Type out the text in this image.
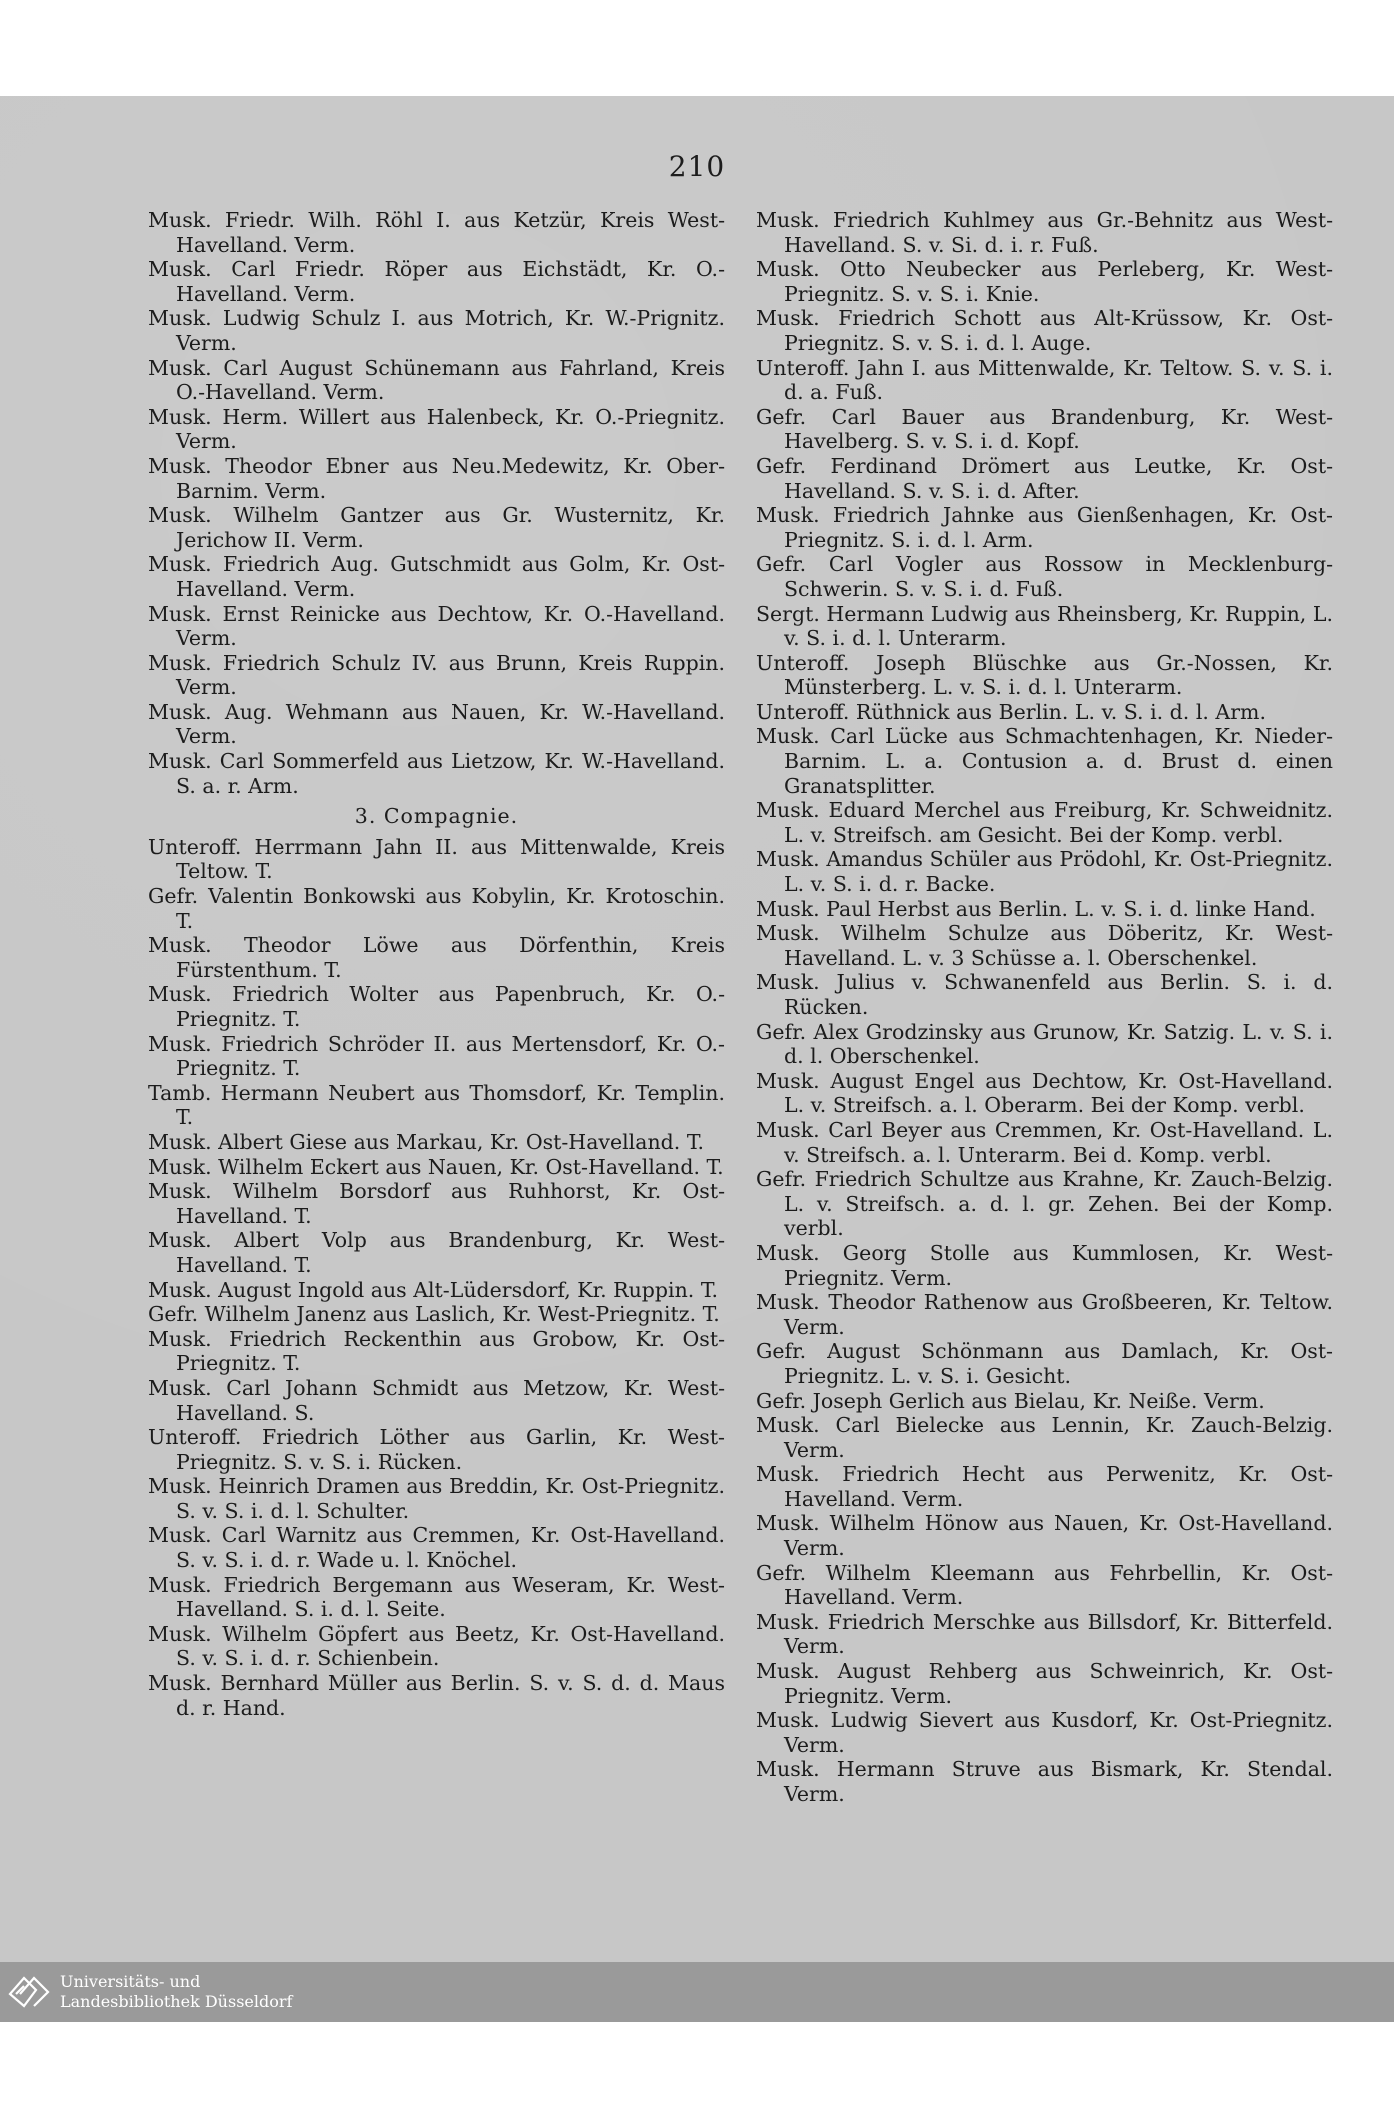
210

Musk. Friedr. Wilh. Röhl I. aus Ketzür, Kreis West-Havelland. Verm.

Musk. Carl Friedr. Röper aus Eichstädt, Kr. O.-Havelland. Verm.

Musk. Ludwig Schulz I. aus Motrich, Kr. W.-Prignitz. Verm.

Musk. Carl August Schünemann aus Fahrland, Kreis O.-Havelland. Verm.

Musk. Herm. Willert aus Halenbeck, Kr. O.-Priegnitz. Verm.

Musk. Theodor Ebner aus Neu.Medewitz, Kr. Ober-Barnim. Verm.

Musk. Wilhelm Gantzer aus Gr. Wusternitz, Kr. Jerichow II. Verm.

Musk. Friedrich Aug. Gutschmidt aus Golm, Kr. Ost-Havelland. Verm.

Musk. Ernst Reinicke aus Dechtow, Kr. O.-Havelland. Verm.

Musk. Friedrich Schulz IV. aus Brunn, Kreis Ruppin. Verm.

Musk. Aug. Wehmann aus Nauen, Kr. W.-Havelland. Verm.

Musk. Carl Sommerfeld aus Lietzow, Kr. W.-Havelland. S. a. r. Arm.

3. Compagnie.

Unteroff. Herrmann Jahn II. aus Mittenwalde, Kreis Teltow. T.

Gefr. Valentin Bonkowski aus Kobylin, Kr. Krotoschin. T.

Musk. Theodor Löwe aus Dörfenthin, Kreis Fürstenthum. T.

Musk. Friedrich Wolter aus Papenbruch, Kr. O.-Priegnitz. T.

Musk. Friedrich Schröder II. aus Mertensdorf, Kr. O.-Priegnitz. T.

Tamb. Hermann Neubert aus Thomsdorf, Kr. Templin. T.

Musk. Albert Giese aus Markau, Kr. Ost-Havelland. T.

Musk. Wilhelm Eckert aus Nauen, Kr. Ost-Havelland. T.

Musk. Wilhelm Borsdorf aus Ruhhorst, Kr. Ost-Havelland. T.

Musk. Albert Volp aus Brandenburg, Kr. West-Havelland. T.

Musk. August Ingold aus Alt-Lüdersdorf, Kr. Ruppin. T.

Gefr. Wilhelm Janenz aus Laslich, Kr. West-Priegnitz. T.

Musk. Friedrich Reckenthin aus Grobow, Kr. Ost-Priegnitz. T.

Musk. Carl Johann Schmidt aus Metzow, Kr. West-Havelland. S.

Unteroff. Friedrich Löther aus Garlin, Kr. West-Priegnitz. S. v. S. i. Rücken.

Musk. Heinrich Dramen aus Breddin, Kr. Ost-Priegnitz. S. v. S. i. d. l. Schulter.

Musk. Carl Warnitz aus Cremmen, Kr. Ost-Havelland. S. v. S. i. d. r. Wade u. l. Knöchel.

Musk. Friedrich Bergemann aus Weseram, Kr. West-Havelland. S. i. d. l. Seite.

Musk. Wilhelm Göpfert aus Beetz, Kr. Ost-Havelland. S. v. S. i. d. r. Schienbein.

Musk. Bernhard Müller aus Berlin. S. v. S. d. d. Maus d. r. Hand.

Musk. Friedrich Kuhlmey aus Gr.-Behnitz aus West-Havelland. S. v. Si. d. i. r. Fuß.

Musk. Otto Neubecker aus Perleberg, Kr. West-Priegnitz. S. v. S. i. Knie.

Musk. Friedrich Schott aus Alt-Krüssow, Kr. Ost-Priegnitz. S. v. S. i. d. l. Auge.

Unteroff. Jahn I. aus Mittenwalde, Kr. Teltow. S. v. S. i. d. a. Fuß.

Gefr. Carl Bauer aus Brandenburg, Kr. West-Havelberg. S. v. S. i. d. Kopf.

Gefr. Ferdinand Drömert aus Leutke, Kr. Ost-Havelland. S. v. S. i. d. After.

Musk. Friedrich Jahnke aus Gienßenhagen, Kr. Ost-Priegnitz. S. i. d. l. Arm.

Gefr. Carl Vogler aus Rossow in Mecklenburg-Schwerin. S. v. S. i. d. Fuß.

Sergt. Hermann Ludwig aus Rheinsberg, Kr. Ruppin, L. v. S. i. d. l. Unterarm.

Unteroff. Joseph Blüschke aus Gr.-Nossen, Kr. Münsterberg. L. v. S. i. d. l. Unterarm.

Unteroff. Rüthnick aus Berlin. L. v. S. i. d. l. Arm.

Musk. Carl Lücke aus Schmachtenhagen, Kr. Nieder-Barnim. L. a. Contusion a. d. Brust d. einen Granatsplitter.

Musk. Eduard Merchel aus Freiburg, Kr. Schweidnitz. L. v. Streifsch. am Gesicht. Bei der Komp. verbl.

Musk. Amandus Schüler aus Prödohl, Kr. Ost-Priegnitz. L. v. S. i. d. r. Backe.

Musk. Paul Herbst aus Berlin. L. v. S. i. d. linke Hand.

Musk. Wilhelm Schulze aus Döberitz, Kr. West-Havelland. L. v. 3 Schüsse a. l. Oberschenkel.

Musk. Julius v. Schwanenfeld aus Berlin. S. i. d. Rücken.

Gefr. Alex Grodzinsky aus Grunow, Kr. Satzig. L. v. S. i. d. l. Oberschenkel.

Musk. August Engel aus Dechtow, Kr. Ost-Havelland. L. v. Streifsch. a. l. Oberarm. Bei der Komp. verbl.

Musk. Carl Beyer aus Cremmen, Kr. Ost-Havelland. L. v. Streifsch. a. l. Unterarm. Bei d. Komp. verbl.

Gefr. Friedrich Schultze aus Krahne, Kr. Zauch-Belzig. L. v. Streifsch. a. d. l. gr. Zehen. Bei der Komp. verbl.

Musk. Georg Stolle aus Kummlosen, Kr. West-Priegnitz. Verm.

Musk. Theodor Rathenow aus Großbeeren, Kr. Teltow. Verm.

Gefr. August Schönmann aus Damlach, Kr. Ost-Priegnitz. L. v. S. i. Gesicht.

Gefr. Joseph Gerlich aus Bielau, Kr. Neiße. Verm.

Musk. Carl Bielecke aus Lennin, Kr. Zauch-Belzig. Verm.

Musk. Friedrich Hecht aus Perwenitz, Kr. Ost-Havelland. Verm.

Musk. Wilhelm Hönow aus Nauen, Kr. Ost-Havelland. Verm.

Gefr. Wilhelm Kleemann aus Fehrbellin, Kr. Ost-Havelland. Verm.

Musk. Friedrich Merschke aus Billsdorf, Kr. Bitterfeld. Verm.

Musk. August Rehberg aus Schweinrich, Kr. Ost-Priegnitz. Verm.

Musk. Ludwig Sievert aus Kusdorf, Kr. Ost-Priegnitz. Verm.

Musk. Hermann Struve aus Bismark, Kr. Stendal. Verm.

Universitäts- und
Landesbibliothek Düsseldorf
